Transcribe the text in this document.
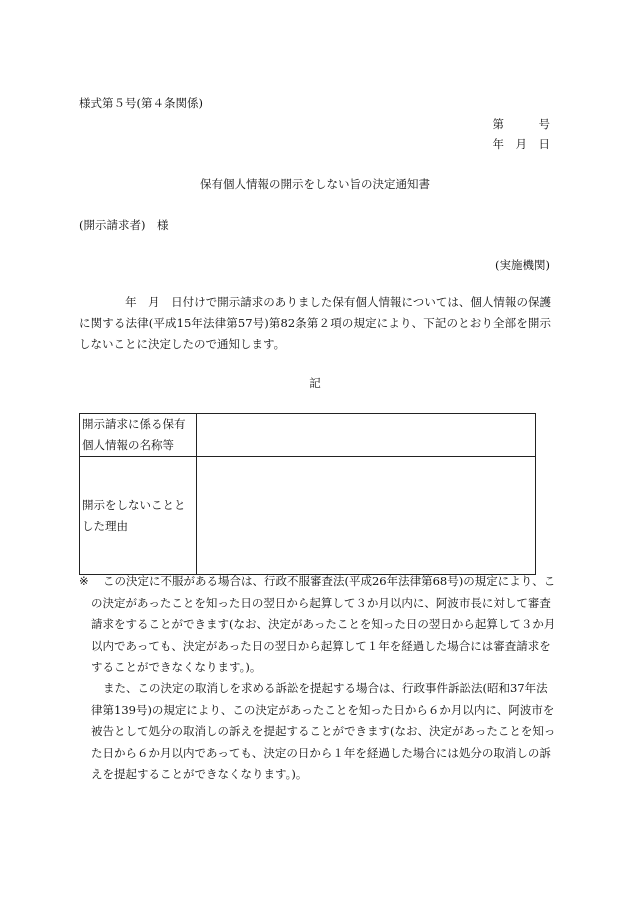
様式第５号(第４条関係)

第　　　号

年　月　日

保有個人情報の開示をしない旨の決定通知書

(開示請求者)　様

(実施機関)

　　　　年　月　日付けで開示請求のありました保有個人情報については、個人情報の保護に関する法律(平成15年法律第57号)第82条第２項の規定により、下記のとおり全部を開示しないことに決定したので通知します。

記

開示請求に係る保有個人情報の名称等	
開示をしないこととした理由	
※	この決定に不服がある場合は、行政不服審査法(平成26年法律第68号)の規定により、この決定があったことを知った日の翌日から起算して３か月以内に、阿波市長に対して審査請求をすることができます(なお、決定があったことを知った日の翌日から起算して３か月以内であっても、決定があった日の翌日から起算して１年を経過した場合には審査請求をすることができなくなります。)。
また、この決定の取消しを求める訴訟を提起する場合は、行政事件訴訟法(昭和37年法律第139号)の規定により、この決定があったことを知った日から６か月以内に、阿波市を被告として処分の取消しの訴えを提起することができます(なお、決定があったことを知った日から６か月以内であっても、決定の日から１年を経過した場合には処分の取消しの訴えを提起することができなくなります。)。
